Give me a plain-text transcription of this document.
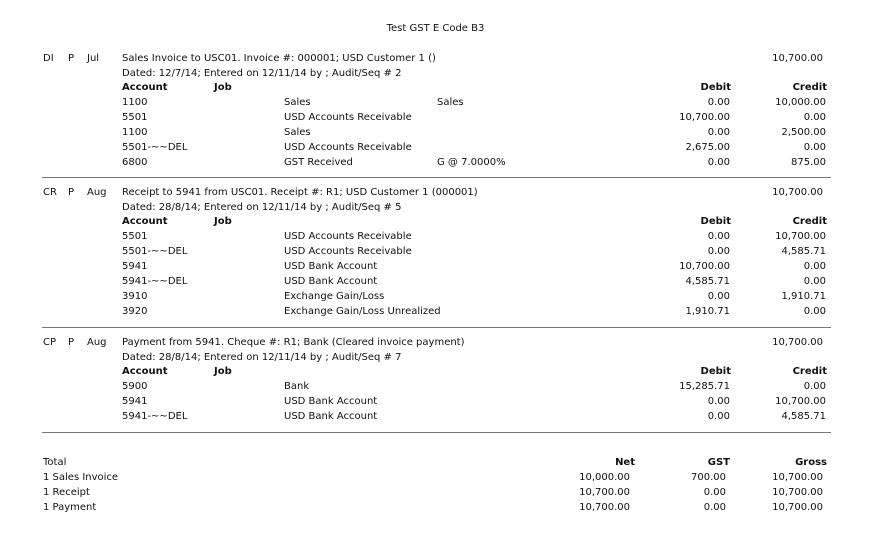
Test GST E Code B3
DI P Jul Sales Invoice to USC01. Invoice #: 000001; USD Customer 1 ()	10,700.00
Dated: 12/7/14; Entered on 12/11/14 by ; Audit/Seq # 2
Account	Job	Debit	Credit
1100	Sales	Sales	0.00	10,000.00
5501	USD Accounts Receivable	10,700.00	0.00
1100	Sales	0.00	2,500.00
5501-~~DEL	USD Accounts Receivable	2,675.00	0.00
6800	GST Received	G @ 7.0000%	0.00	875.00
CR P Aug Receipt to 5941 from USC01. Receipt #: R1; USD Customer 1 (000001)	10,700.00
Dated: 28/8/14; Entered on 12/11/14 by ; Audit/Seq # 5
Account	Job	Debit	Credit
5501	USD Accounts Receivable	0.00	10,700.00
5501-~~DEL	USD Accounts Receivable	0.00	4,585.71
5941	USD Bank Account	10,700.00	0.00
5941-~~DEL	USD Bank Account	4,585.71	0.00
3910	Exchange Gain/Loss	0.00	1,910.71
3920	Exchange Gain/Loss Unrealized	1,910.71	0.00
CP P Aug Payment from 5941. Cheque #: R1; Bank (Cleared invoice payment)	10,700.00
Dated: 28/8/14; Entered on 12/11/14 by ; Audit/Seq # 7
Account	Job	Debit	Credit
5900	Bank	15,285.71	0.00
5941	USD Bank Account	0.00	10,700.00
5941-~~DEL	USD Bank Account	0.00	4,585.71
Total	Net	GST	Gross
1 Sales Invoice	10,000.00	700.00	10,700.00
1 Receipt	10,700.00	0.00	10,700.00
1 Payment	10,700.00	0.00	10,700.00
